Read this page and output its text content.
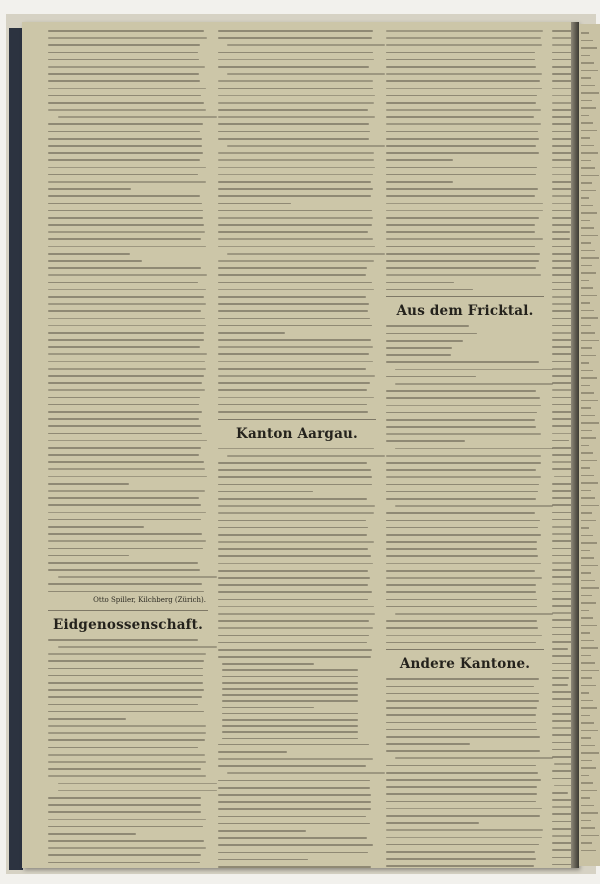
Otto Spiller, Kilchberg (Zürich).
Eidgenossenschaft.
Kanton Aargau.
Aus dem Fricktal.
Andere Kantone.
